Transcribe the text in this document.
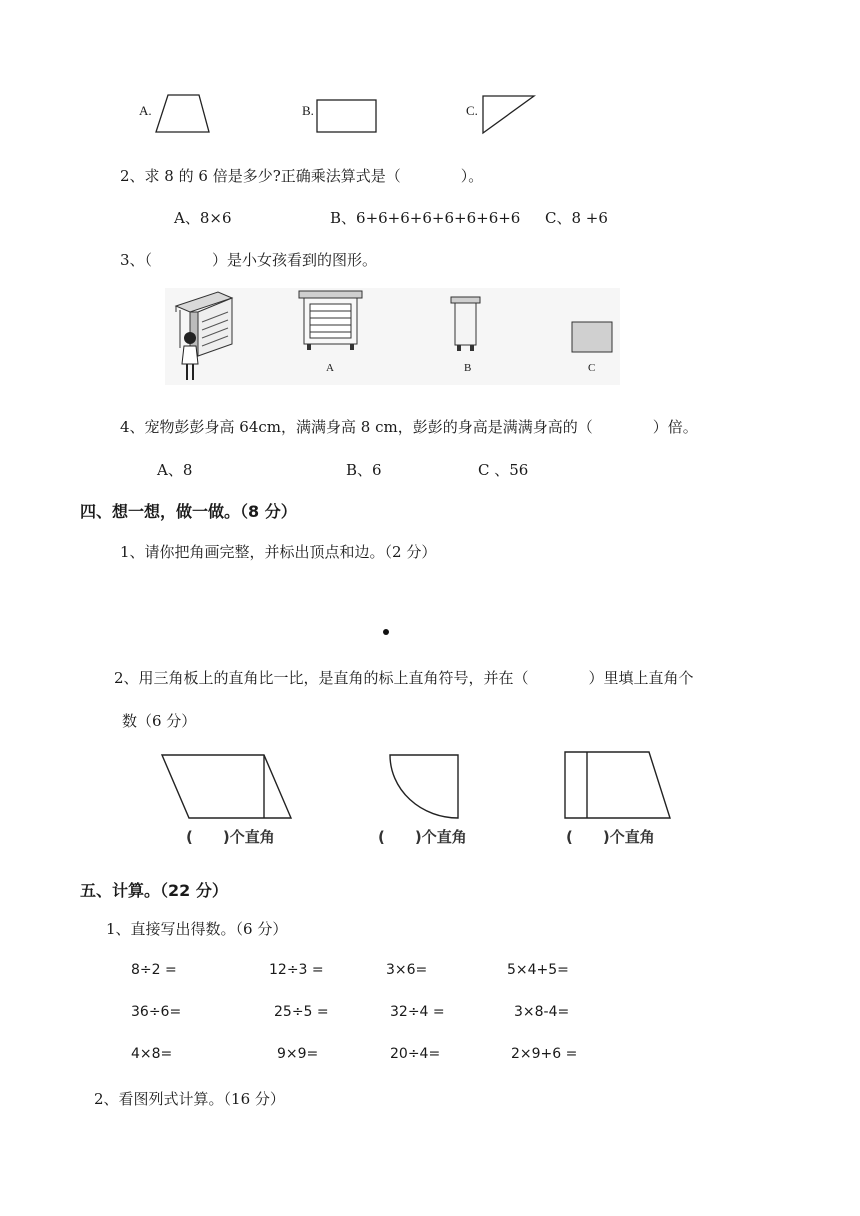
A.	B.	C.
2、求 8 的 6 倍是多少?正确乘法算式是（　　　　）。
A、8×6	B、6+6+6+6+6+6+6+6 C、8 +6
3、（　　　　）是小女孩看到的图形。
A	B	C
4、宠物彭彭身高 64cm，满满身高 8 cm，彭彭的身高是满满身高的（　　　　）倍。
A、8	B、6	C 、56
四、想一想，做一做。（8 分）
1、请你把角画完整，并标出顶点和边。（2 分）
2、用三角板上的直角比一比，是直角的标上直角符号，并在（　　　　）里填上直角个
数（6 分）
(　　)个直角	(　　)个直角	(　　)个直角
五、计算。（22 分）
1、直接写出得数。（6 分）
8÷2 =	12÷3 =	3×6=	5×4+5=
36÷6=	25÷5 =	32÷4 =	3×8-4=
4×8=	9×9=	20÷4=	2×9+6 =
2、看图列式计算。（16 分）
